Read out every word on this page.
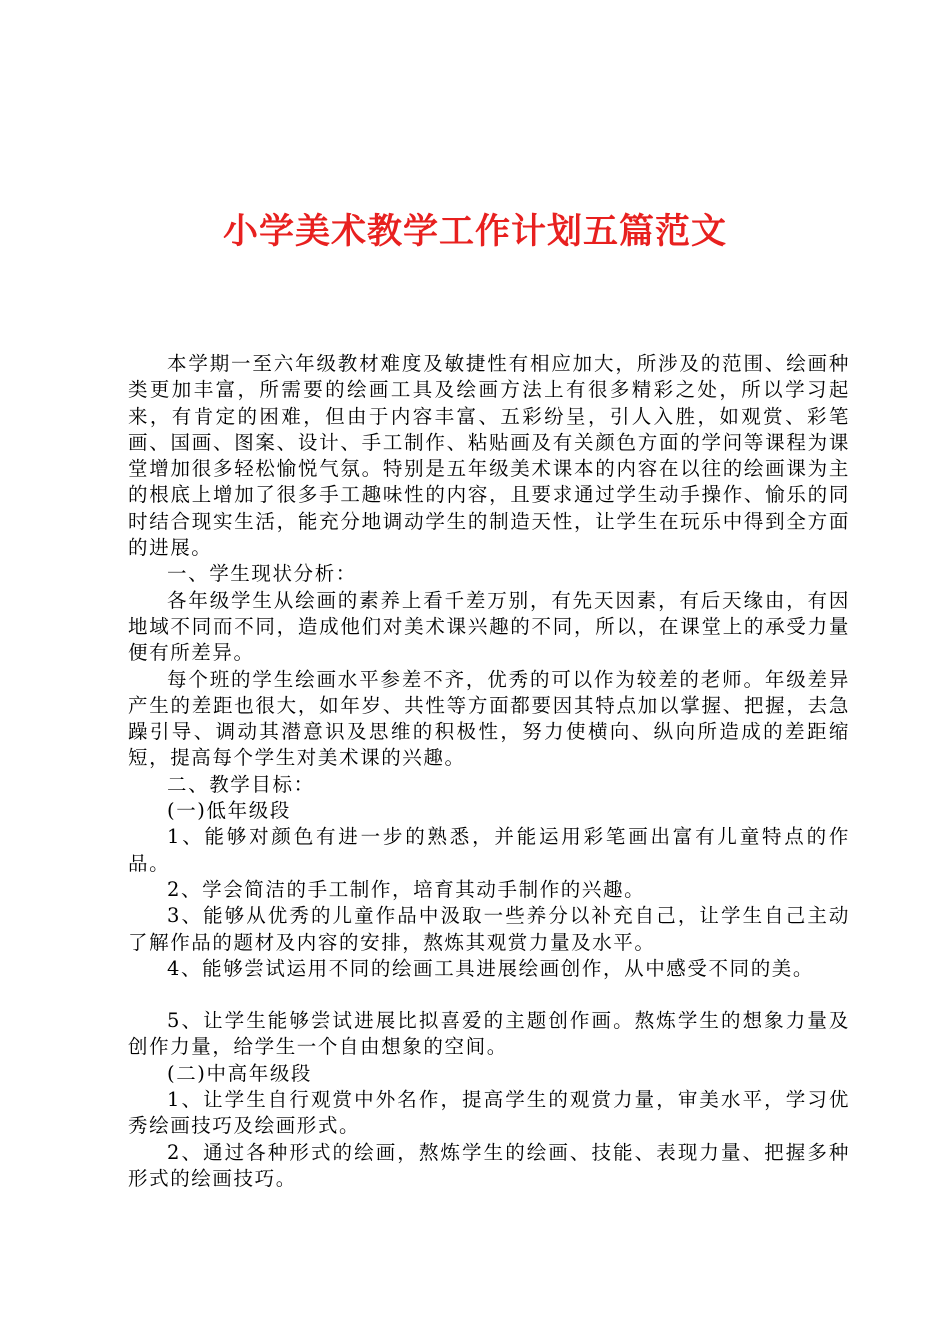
小学美术教学工作计划五篇范文

本学期一至六年级教材难度及敏捷性有相应加大，所涉及的范围、绘画种类更加丰富，所需要的绘画工具及绘画方法上有很多精彩之处，所以学习起来，有肯定的困难，但由于内容丰富、五彩纷呈，引人入胜，如观赏、彩笔画、国画、图案、设计、手工制作、粘贴画及有关颜色方面的学问等课程为课堂增加很多轻松愉悦气氛。特别是五年级美术课本的内容在以往的绘画课为主的根底上增加了很多手工趣味性的内容，且要求通过学生动手操作、愉乐的同时结合现实生活，能充分地调动学生的制造天性，让学生在玩乐中得到全方面的进展。

一、学生现状分析：

各年级学生从绘画的素养上看千差万别，有先天因素，有后天缘由，有因地域不同而不同，造成他们对美术课兴趣的不同，所以，在课堂上的承受力量便有所差异。

每个班的学生绘画水平参差不齐，优秀的可以作为较差的老师。年级差异产生的差距也很大，如年岁、共性等方面都要因其特点加以掌握、把握，去急躁引导、调动其潜意识及思维的积极性，努力使横向、纵向所造成的差距缩短，提高每个学生对美术课的兴趣。

二、教学目标：

(一)低年级段

1、能够对颜色有进一步的熟悉，并能运用彩笔画出富有儿童特点的作品。

2、学会简洁的手工制作，培育其动手制作的兴趣。

3、能够从优秀的儿童作品中汲取一些养分以补充自己，让学生自己主动了解作品的题材及内容的安排，熬炼其观赏力量及水平。

4、能够尝试运用不同的绘画工具进展绘画创作，从中感受不同的美。

5、让学生能够尝试进展比拟喜爱的主题创作画。熬炼学生的想象力量及创作力量，给学生一个自由想象的空间。

(二)中高年级段

1、让学生自行观赏中外名作，提高学生的观赏力量，审美水平，学习优秀绘画技巧及绘画形式。

2、通过各种形式的绘画，熬炼学生的绘画、技能、表现力量、把握多种形式的绘画技巧。
